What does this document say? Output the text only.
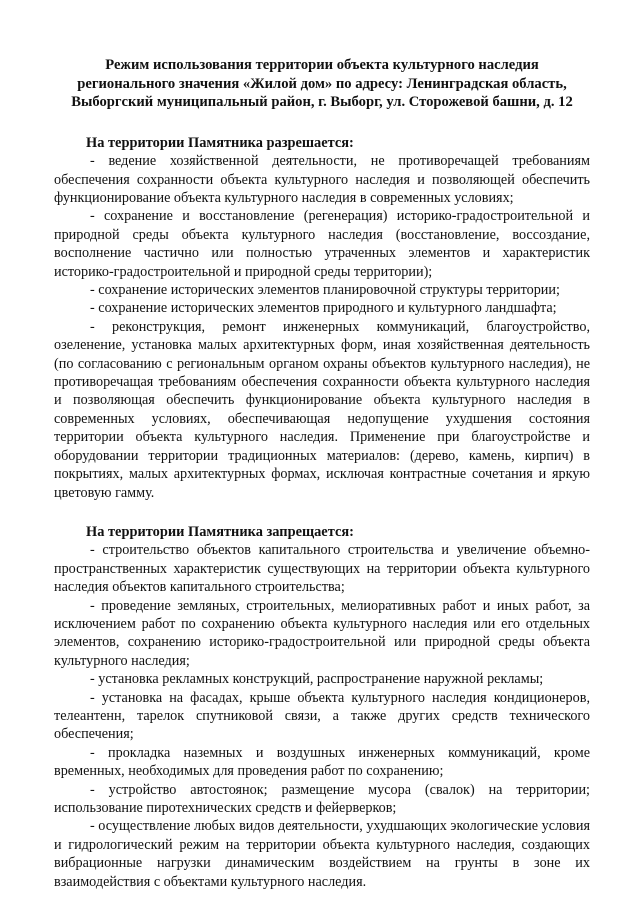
Режим использования территории объекта культурного наследия
регионального значения «Жилой дом» по адресу: Ленинградская область,
Выборгский муниципальный район, г. Выборг, ул. Сторожевой башни, д. 12

На территории Памятника разрешается:

- ведение хозяйственной деятельности, не противоречащей требованиям обеспечения сохранности объекта культурного наследия и позволяющей обеспечить функционирование объекта культурного наследия в современных условиях;

- сохранение и восстановление (регенерация) историко-градостроительной и природной среды объекта культурного наследия (восстановление, воссоздание, восполнение частично или полностью утраченных элементов и характеристик историко-градостроительной и природной среды территории);

- сохранение исторических элементов планировочной структуры территории;

- сохранение исторических элементов природного и культурного ландшафта;

- реконструкция, ремонт инженерных коммуникаций, благоустройство, озеленение, установка малых архитектурных форм, иная хозяйственная деятельность (по согласованию с региональным органом охраны объектов культурного наследия), не противоречащая требованиям обеспечения сохранности объекта культурного наследия и позволяющая обеспечить функционирование объекта культурного наследия в современных условиях, обеспечивающая недопущение ухудшения состояния территории объекта культурного наследия. Применение при благоустройстве и оборудовании территории традиционных материалов: (дерево, камень, кирпич) в покрытиях, малых архитектурных формах, исключая контрастные сочетания и яркую цветовую гамму.

На территории Памятника запрещается:

- строительство объектов капитального строительства и увеличение объемно-пространственных характеристик существующих на территории объекта культурного наследия объектов капитального строительства;

- проведение земляных, строительных, мелиоративных работ и иных работ, за исключением работ по сохранению объекта культурного наследия или его отдельных элементов, сохранению историко-градостроительной или природной среды объекта культурного наследия;

- установка рекламных конструкций, распространение наружной рекламы;

- установка на фасадах, крыше объекта культурного наследия кондиционеров, телеантенн, тарелок спутниковой связи, а также других средств технического обеспечения;

- прокладка наземных и воздушных инженерных коммуникаций, кроме временных, необходимых для проведения работ по сохранению;

- устройство автостоянок; размещение мусора (свалок) на территории; использование пиротехнических средств и фейерверков;

- осуществление любых видов деятельности, ухудшающих экологические условия и гидрологический режим на территории объекта культурного наследия, создающих вибрационные нагрузки динамическим воздействием на грунты в зоне их взаимодействия с объектами культурного наследия.
